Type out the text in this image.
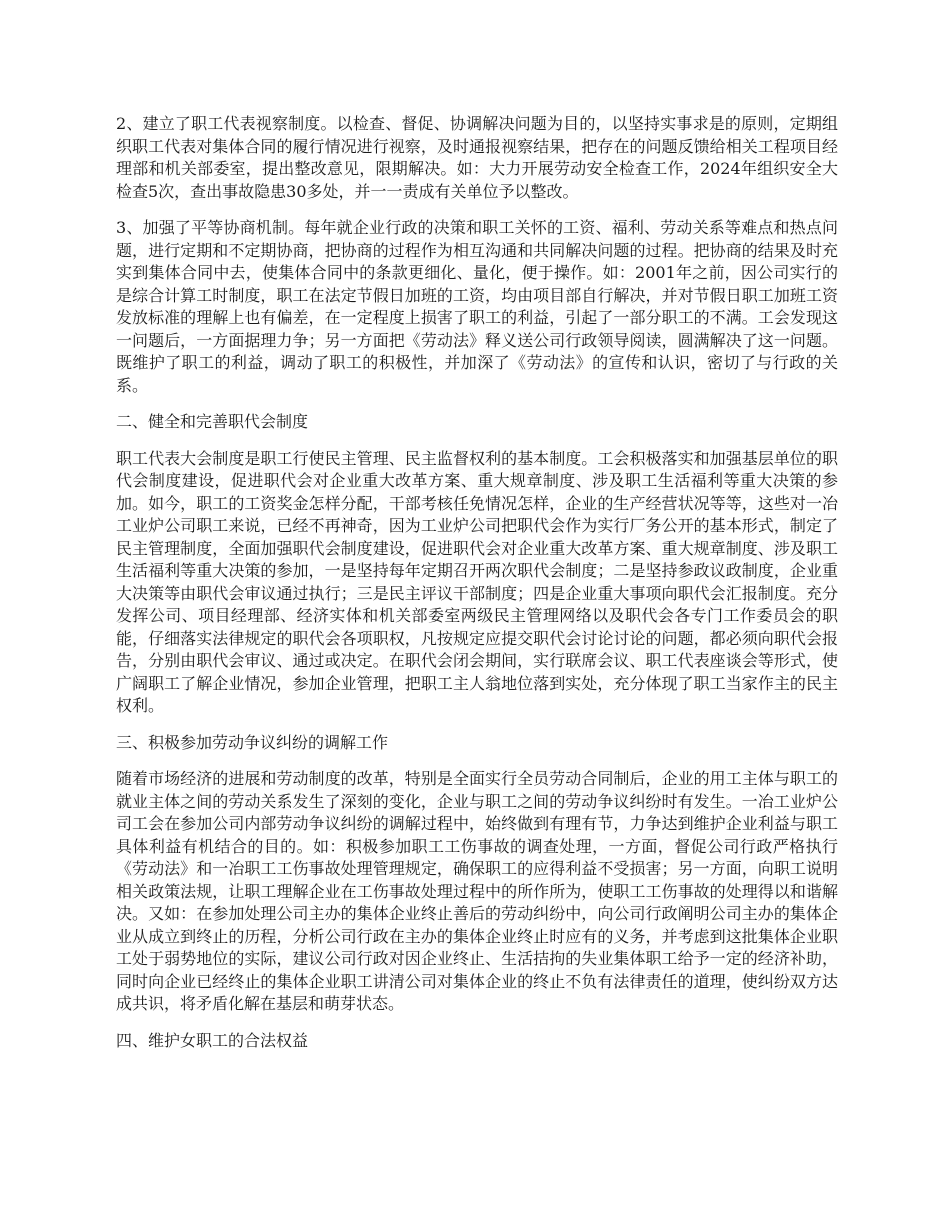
2、建立了职工代表视察制度。以检查、督促、协调解决问题为目的，以坚持实事求是的原则，定期组织职工代表对集体合同的履行情况进行视察，及时通报视察结果，把存在的问题反馈给相关工程项目经理部和机关部委室，提出整改意见，限期解决。如：大力开展劳动安全检查工作，2024年组织安全大检查5次，查出事故隐患30多处，并一一责成有关单位予以整改。

3、加强了平等协商机制。每年就企业行政的决策和职工关怀的工资、福利、劳动关系等难点和热点问题，进行定期和不定期协商，把协商的过程作为相互沟通和共同解决问题的过程。把协商的结果及时充实到集体合同中去，使集体合同中的条款更细化、量化，便于操作。如：2001年之前，因公司实行的是综合计算工时制度，职工在法定节假日加班的工资，均由项目部自行解决，并对节假日职工加班工资发放标准的理解上也有偏差，在一定程度上损害了职工的利益，引起了一部分职工的不满。工会发现这一问题后，一方面据理力争；另一方面把《劳动法》释义送公司行政领导阅读，圆满解决了这一问题。既维护了职工的利益，调动了职工的积极性，并加深了《劳动法》的宣传和认识，密切了与行政的关系。

二、健全和完善职代会制度

职工代表大会制度是职工行使民主管理、民主监督权利的基本制度。工会积极落实和加强基层单位的职代会制度建设，促进职代会对企业重大改革方案、重大规章制度、涉及职工生活福利等重大决策的参加。如今，职工的工资奖金怎样分配，干部考核任免情况怎样，企业的生产经营状况等等，这些对一冶工业炉公司职工来说，已经不再神奇，因为工业炉公司把职代会作为实行厂务公开的基本形式，制定了民主管理制度，全面加强职代会制度建设，促进职代会对企业重大改革方案、重大规章制度、涉及职工生活福利等重大决策的参加，一是坚持每年定期召开两次职代会制度；二是坚持参政议政制度，企业重大决策等由职代会审议通过执行；三是民主评议干部制度；四是企业重大事项向职代会汇报制度。充分发挥公司、项目经理部、经济实体和机关部委室两级民主管理网络以及职代会各专门工作委员会的职能，仔细落实法律规定的职代会各项职权，凡按规定应提交职代会讨论讨论的问题，都必须向职代会报告，分别由职代会审议、通过或决定。在职代会闭会期间，实行联席会议、职工代表座谈会等形式，使广阔职工了解企业情况，参加企业管理，把职工主人翁地位落到实处，充分体现了职工当家作主的民主权利。

三、积极参加劳动争议纠纷的调解工作

随着市场经济的进展和劳动制度的改革，特别是全面实行全员劳动合同制后，企业的用工主体与职工的就业主体之间的劳动关系发生了深刻的变化，企业与职工之间的劳动争议纠纷时有发生。一冶工业炉公司工会在参加公司内部劳动争议纠纷的调解过程中，始终做到有理有节，力争达到维护企业利益与职工具体利益有机结合的目的。如：积极参加职工工伤事故的调查处理，一方面，督促公司行政严格执行《劳动法》和一冶职工工伤事故处理管理规定，确保职工的应得利益不受损害；另一方面，向职工说明相关政策法规，让职工理解企业在工伤事故处理过程中的所作所为，使职工工伤事故的处理得以和谐解决。又如：在参加处理公司主办的集体企业终止善后的劳动纠纷中，向公司行政阐明公司主办的集体企业从成立到终止的历程，分析公司行政在主办的集体企业终止时应有的义务，并考虑到这批集体企业职工处于弱势地位的实际，建议公司行政对因企业终止、生活拮拘的失业集体职工给予一定的经济补助，同时向企业已经终止的集体企业职工讲清公司对集体企业的终止不负有法律责任的道理，使纠纷双方达成共识，将矛盾化解在基层和萌芽状态。

四、维护女职工的合法权益
